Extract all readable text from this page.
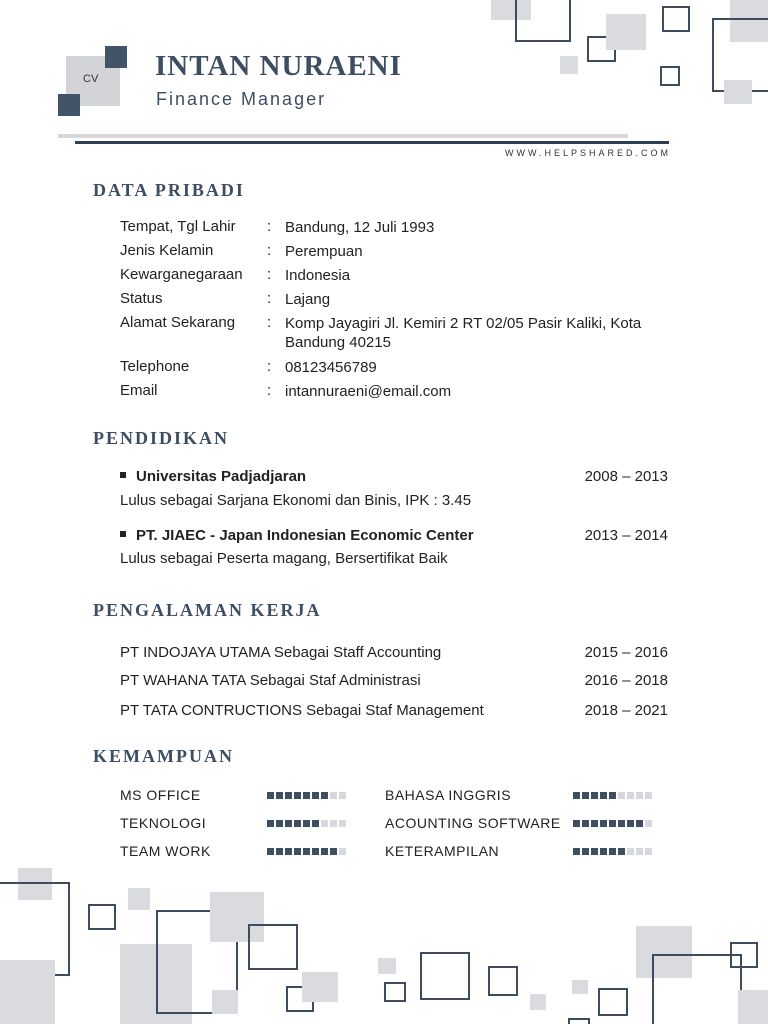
CV INTAN NURAENI
Finance Manager
WWW.HELPSHARED.COM
DATA PRIBADI
Tempat, Tgl Lahir : Bandung, 12 Juli 1993
Jenis Kelamin	: Perempuan
Kewarganegaraan : Indonesia
Status	: Lajang
Alamat Sekarang : Komp Jayagiri Jl. Kemiri 2 RT 02/05 Pasir Kaliki, Kota Bandung 40215
Telephone	: 08123456789
Email	: intannuraeni@email.com
PENDIDIKAN
Universitas Padjadjaran	2008 – 2013
Lulus sebagai Sarjana Ekonomi dan Binis, IPK : 3.45
PT. JIAEC - Japan Indonesian Economic Center	2013 – 2014
Lulus sebagai Peserta magang, Bersertifikat Baik
PENGALAMAN KERJA
PT INDOJAYA UTAMA Sebagai Staff Accounting	2015 – 2016
PT WAHANA TATA Sebagai Staf Administrasi	2016 – 2018
PT TATA CONTRUCTIONS Sebagai Staf Management	2018 – 2021
KEMAMPUAN
MS OFFICE	BAHASA INGGRIS
TEKNOLOGI	ACOUNTING SOFTWARE
TEAM WORK	KETERAMPILAN
